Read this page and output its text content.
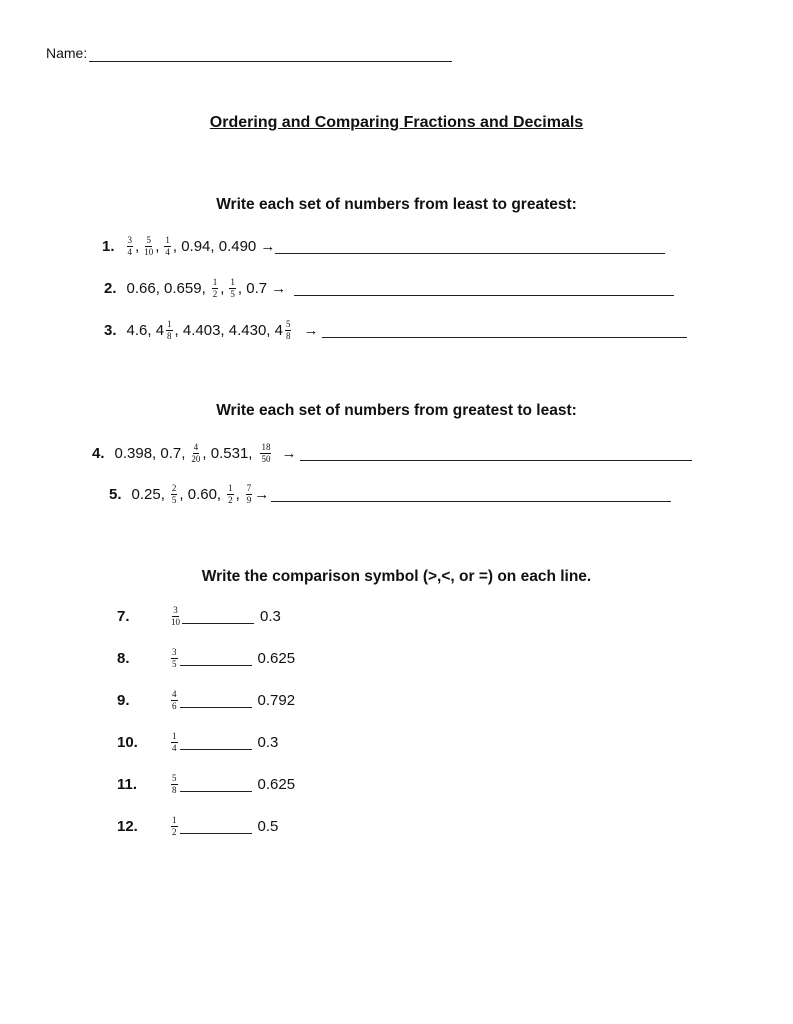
Name:
Ordering and Comparing Fractions and Decimals
Write each set of numbers from least to greatest:
1. $\frac{3}{4}$ , $\frac{5}{10}$ , $\frac{1}{4}$ , 0.94, 0.490 →
2. 0.66, 0.659, $\frac{1}{2}$ , $\frac{1}{5}$ , 0.7 →
3. 4.6, $4 \frac{1}{8}$ , 4.403, 4.430, $4 \frac{5}{8}$ →
Write each set of numbers from greatest to least:
4. 0.398, 0.7, $\frac{4}{20}$ , 0.531, $\frac{18}{50}$ →
5. 0.25, $\frac{2}{5}$ , 0.60, $\frac{1}{2}$ , $\frac{7}{9}$ →
Write the comparison symbol (>,<, or =) on each line.
7.	$\frac{3}{10}$	0.3
8.	$\frac{3}{5}$	0.625
9.	$\frac{4}{6}$	0.792
10.	$\frac{1}{4}$	0.3
11.	$\frac{5}{8}$	0.625
12.	$\frac{1}{2}$	0.5
